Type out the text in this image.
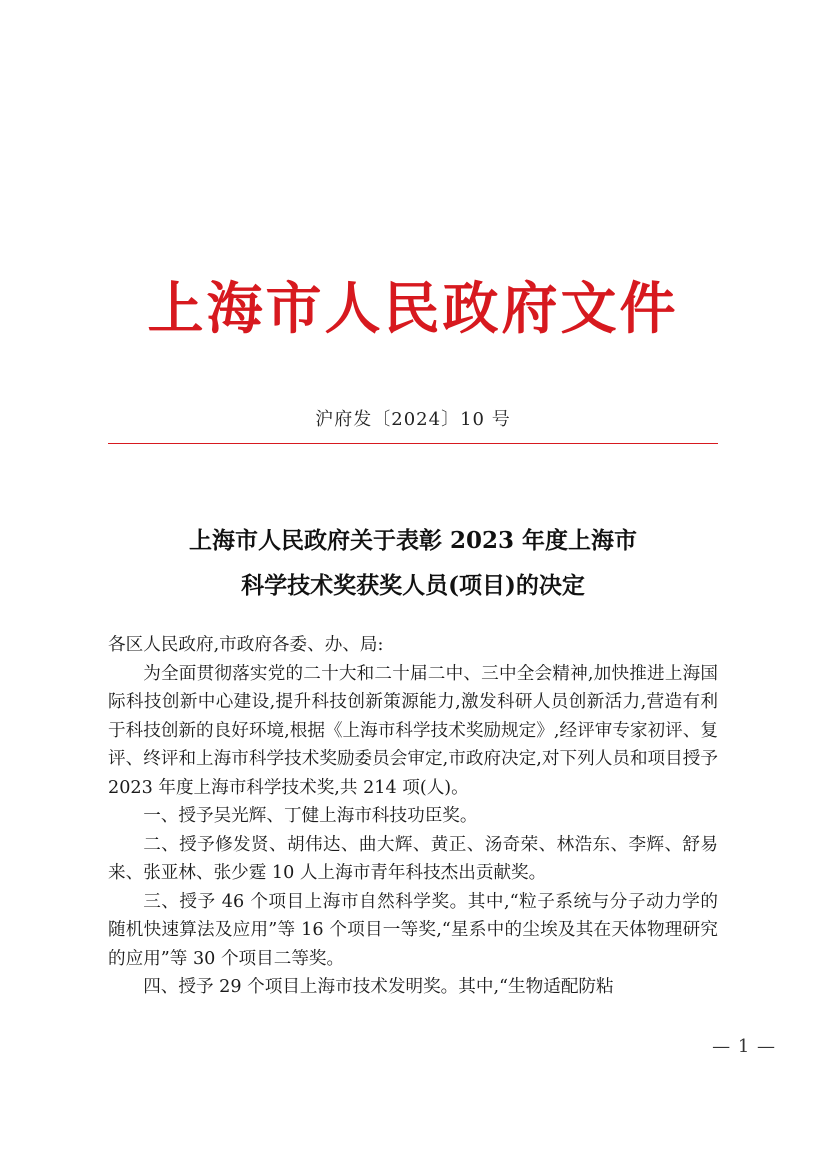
上海市人民政府文件
沪府发〔2024〕10 号
上海市人民政府关于表彰 2023 年度上海市
科学技术奖获奖人员(项目)的决定

各区人民政府,市政府各委、办、局:

为全面贯彻落实党的二十大和二十届二中、三中全会精神,加快推进上海国际科技创新中心建设,提升科技创新策源能力,激发科研人员创新活力,营造有利于科技创新的良好环境,根据《上海市科学技术奖励规定》,经评审专家初评、复评、终评和上海市科学技术奖励委员会审定,市政府决定,对下列人员和项目授予 2023 年度上海市科学技术奖,共 214 项(人)。

一、授予吴光辉、丁健上海市科技功臣奖。

二、授予修发贤、胡伟达、曲大辉、黄正、汤奇荣、林浩东、李辉、舒易来、张亚林、张少霆 10 人上海市青年科技杰出贡献奖。

三、授予 46 个项目上海市自然科学奖。其中,“粒子系统与分子动力学的随机快速算法及应用”等 16 个项目一等奖,“星系中的尘埃及其在天体物理研究的应用”等 30 个项目二等奖。

四、授予 29 个项目上海市技术发明奖。其中,“生物适配防粘

— 1 —
